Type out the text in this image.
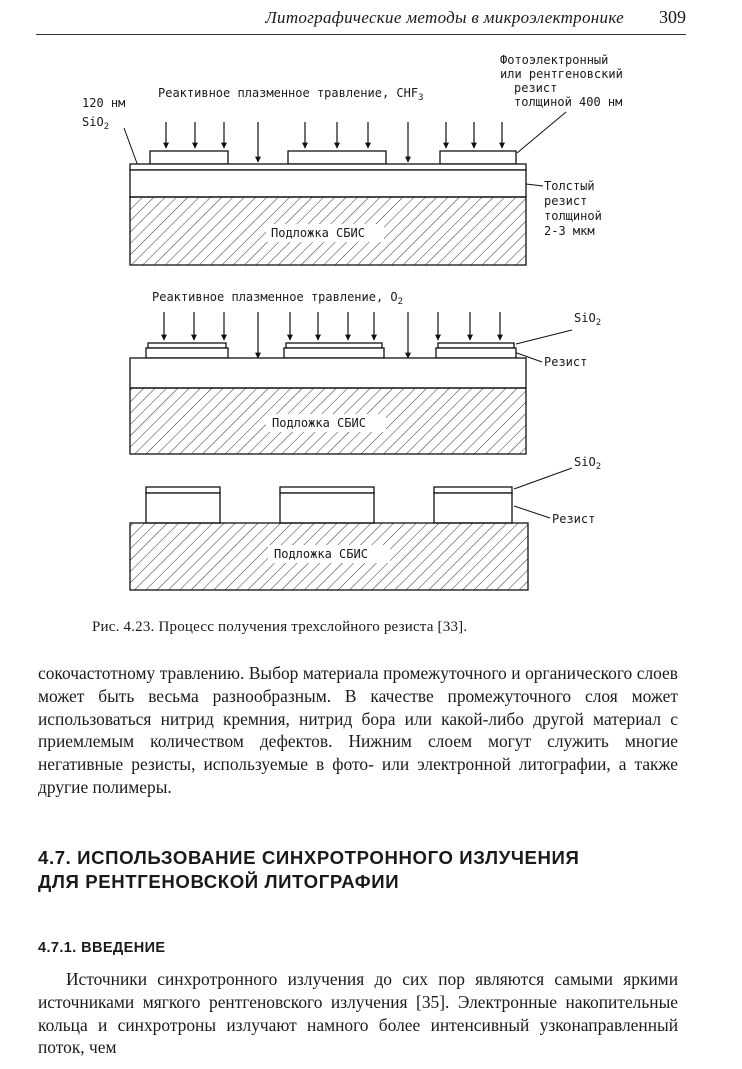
Литографические методы в микроэлектронике 309
Реактивное плазменное травление, $CHF_3$
120 нм
SiO$_2$
Фотоэлектронный или рентгеновский резист толщиной 400 нм
Подложка СБИС
Толстый резист толщиной 2-3 мкм
Реактивное плазменное травление, $O_2$
SiO$_2$
Резист
Подложка СБИС
SiO$_2$
Резист
Подложка СБИС
Рис. 4.23. Процесс получения трехслойного резиста [33].

сокочастотному травлению. Выбор материала промежуточного и органического слоев может быть весьма разнообразным. В качестве промежуточного слоя может использоваться нитрид кремния, нитрид бора или какой-либо другой материал с приемлемым количеством дефектов. Нижним слоем могут служить многие негативные резисты, используемые в фото- или электронной литографии, а также другие полимеры.

4.7. ИСПОЛЬЗОВАНИЕ СИНХРОТРОННОГО ИЗЛУЧЕНИЯ ДЛЯ РЕНТГЕНОВСКОЙ ЛИТОГРАФИИ
4.7.1. ВВЕДЕНИЕ

Источники синхротронного излучения до сих пор являются самыми яркими источниками мягкого рентгеновского излучения [35]. Электронные накопительные кольца и синхротроны излучают намного более интенсивный узконаправленный поток, чем
